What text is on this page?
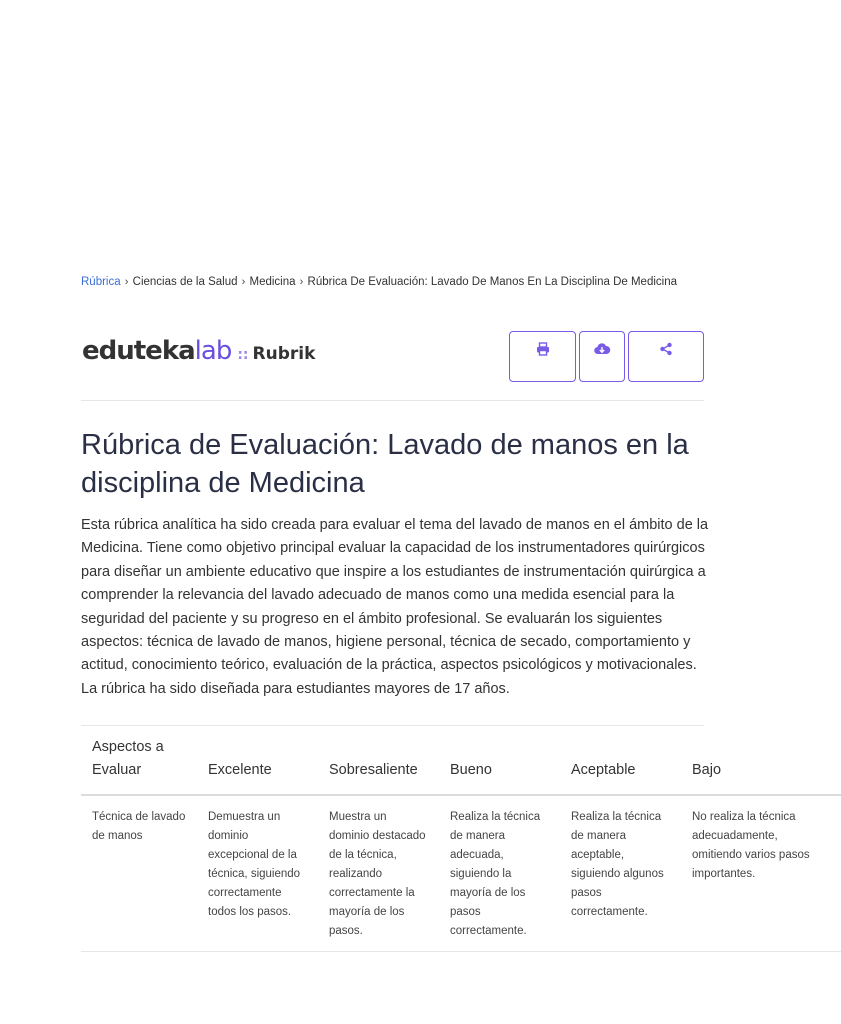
Rúbrica › Ciencias de la Salud › Medicina › Rúbrica De Evaluación: Lavado De Manos En La Disciplina De Medicina
edutekalab :: Rubrik
Rúbrica de Evaluación: Lavado de manos en la disciplina de Medicina

Esta rúbrica analítica ha sido creada para evaluar el tema del lavado de manos en el ámbito de la Medicina. Tiene como objetivo principal evaluar la capacidad de los instrumentadores quirúrgicos para diseñar un ambiente educativo que inspire a los estudiantes de instrumentación quirúrgica a comprender la relevancia del lavado adecuado de manos como una medida esencial para la seguridad del paciente y su progreso en el ámbito profesional. Se evaluarán los siguientes aspectos: técnica de lavado de manos, higiene personal, técnica de secado, comportamiento y actitud, conocimiento teórico, evaluación de la práctica, aspectos psicológicos y motivacionales. La rúbrica ha sido diseñada para estudiantes mayores de 17 años.

Aspectos a Evaluar	Excelente	Sobresaliente	Bueno	Aceptable	Bajo
Técnica de lavado de manos	Demuestra un dominio excepcional de la técnica, siguiendo correctamente todos los pasos.	Muestra un dominio destacado de la técnica, realizando correctamente la mayoría de los pasos.	Realiza la técnica de manera adecuada, siguiendo la mayoría de los pasos correctamente.	Realiza la técnica de manera aceptable, siguiendo algunos pasos correctamente.	No realiza la técnica adecuadamente, omitiendo varios pasos importantes.
